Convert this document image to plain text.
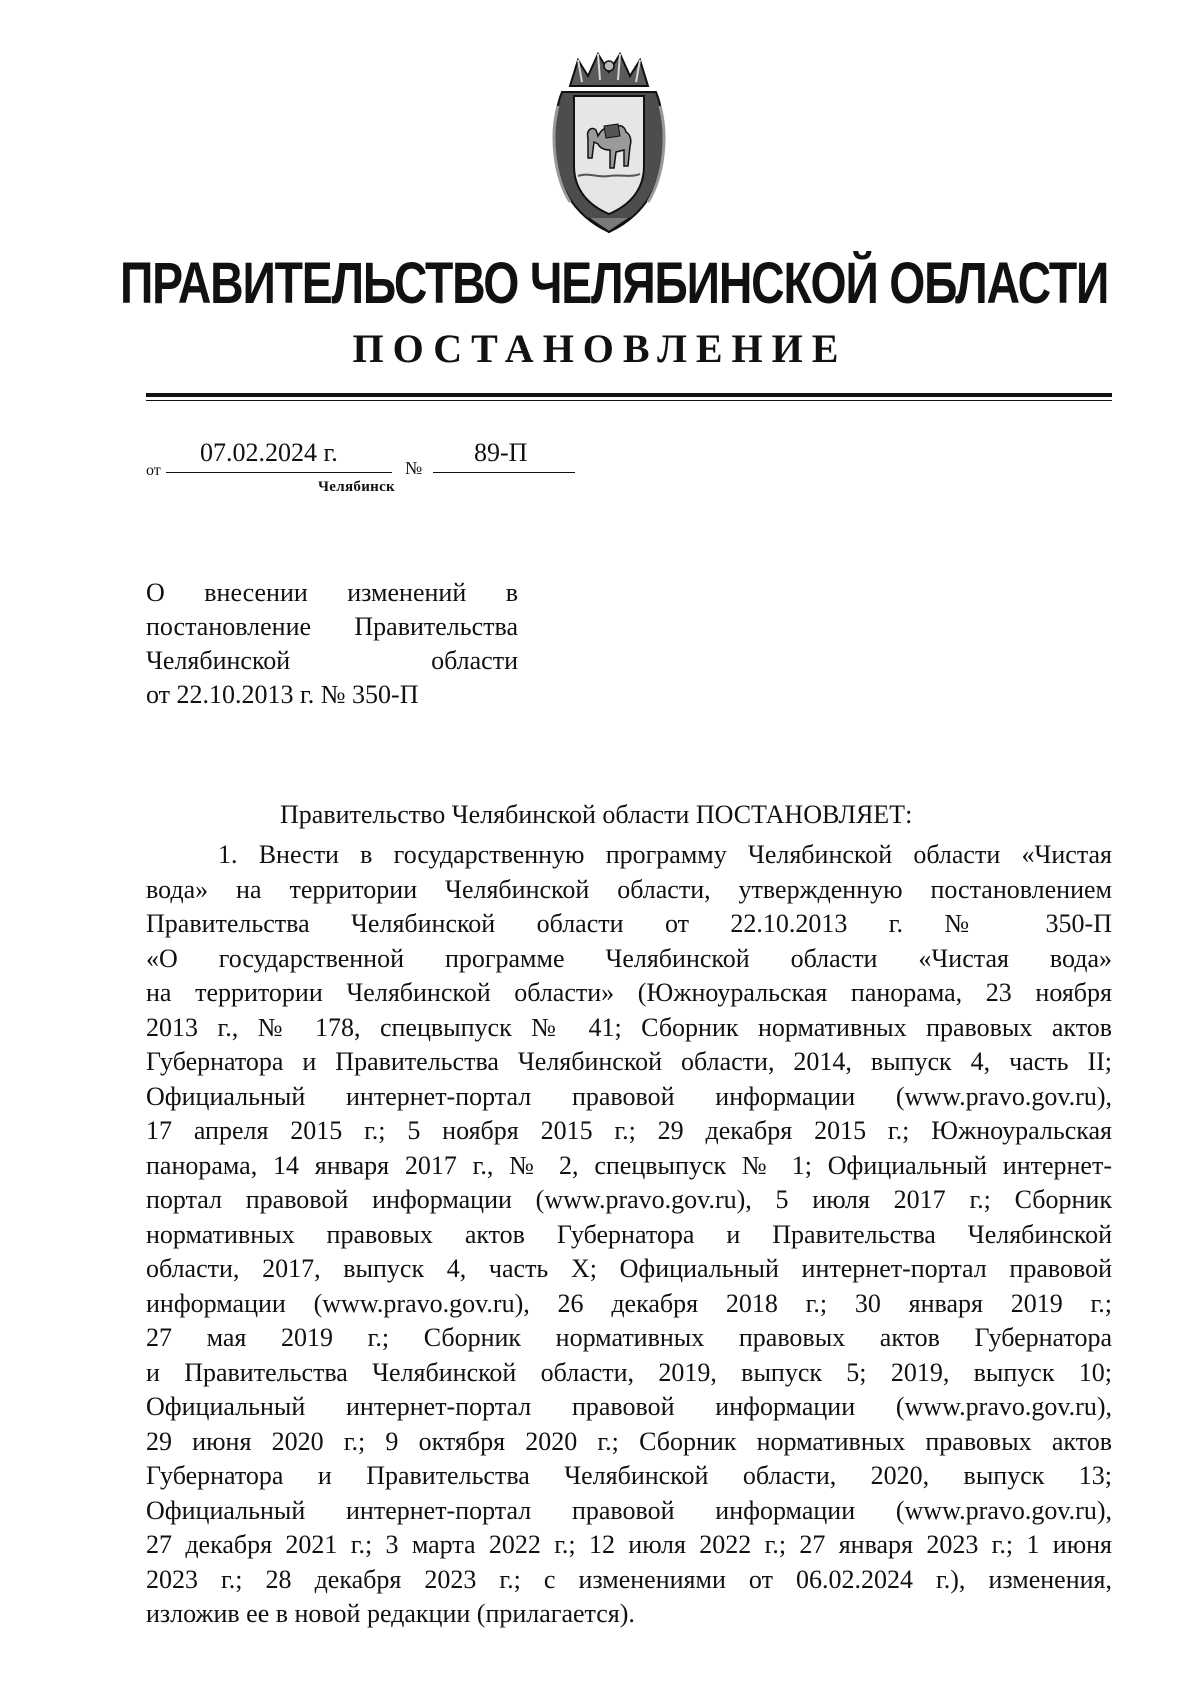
ПРАВИТЕЛЬСТВО ЧЕЛЯБИНСКОЙ ОБЛАСТИ
ПОСТАНОВЛЕНИЕ
от
07.02.2024 г.
№
89-П
Челябинск
О внесении изменений в
постановление Правительства
Челябинской области
от 22.10.2013 г. № 350-П
Правительство Челябинской области ПОСТАНОВЛЯЕТ:
1. Внести в государственную программу Челябинской области «Чистая
вода» на территории Челябинской области, утвержденную постановлением
Правительства Челябинской области от 22.10.2013 г. № 350-П
«О государственной программе Челябинской области «Чистая вода»
на территории Челябинской области» (Южноуральская панорама, 23 ноября
2013 г., № 178, спецвыпуск № 41; Сборник нормативных правовых актов
Губернатора и Правительства Челябинской области, 2014, выпуск 4, часть II;
Официальный интернет-портал правовой информации (www.pravo.gov.ru),
17 апреля 2015 г.; 5 ноября 2015 г.; 29 декабря 2015 г.; Южноуральская
панорама, 14 января 2017 г., № 2, спецвыпуск № 1; Официальный интернет-
портал правовой информации (www.pravo.gov.ru), 5 июля 2017 г.; Сборник
нормативных правовых актов Губернатора и Правительства Челябинской
области, 2017, выпуск 4, часть X; Официальный интернет-портал правовой
информации (www.pravo.gov.ru), 26 декабря 2018 г.; 30 января 2019 г.;
27 мая 2019 г.; Сборник нормативных правовых актов Губернатора
и Правительства Челябинской области, 2019, выпуск 5; 2019, выпуск 10;
Официальный интернет-портал правовой информации (www.pravo.gov.ru),
29 июня 2020 г.; 9 октября 2020 г.; Сборник нормативных правовых актов
Губернатора и Правительства Челябинской области, 2020, выпуск 13;
Официальный интернет-портал правовой информации (www.pravo.gov.ru),
27 декабря 2021 г.; 3 марта 2022 г.; 12 июля 2022 г.; 27 января 2023 г.; 1 июня
2023 г.; 28 декабря 2023 г.; с изменениями от 06.02.2024 г.), изменения,
изложив ее в новой редакции (прилагается).
